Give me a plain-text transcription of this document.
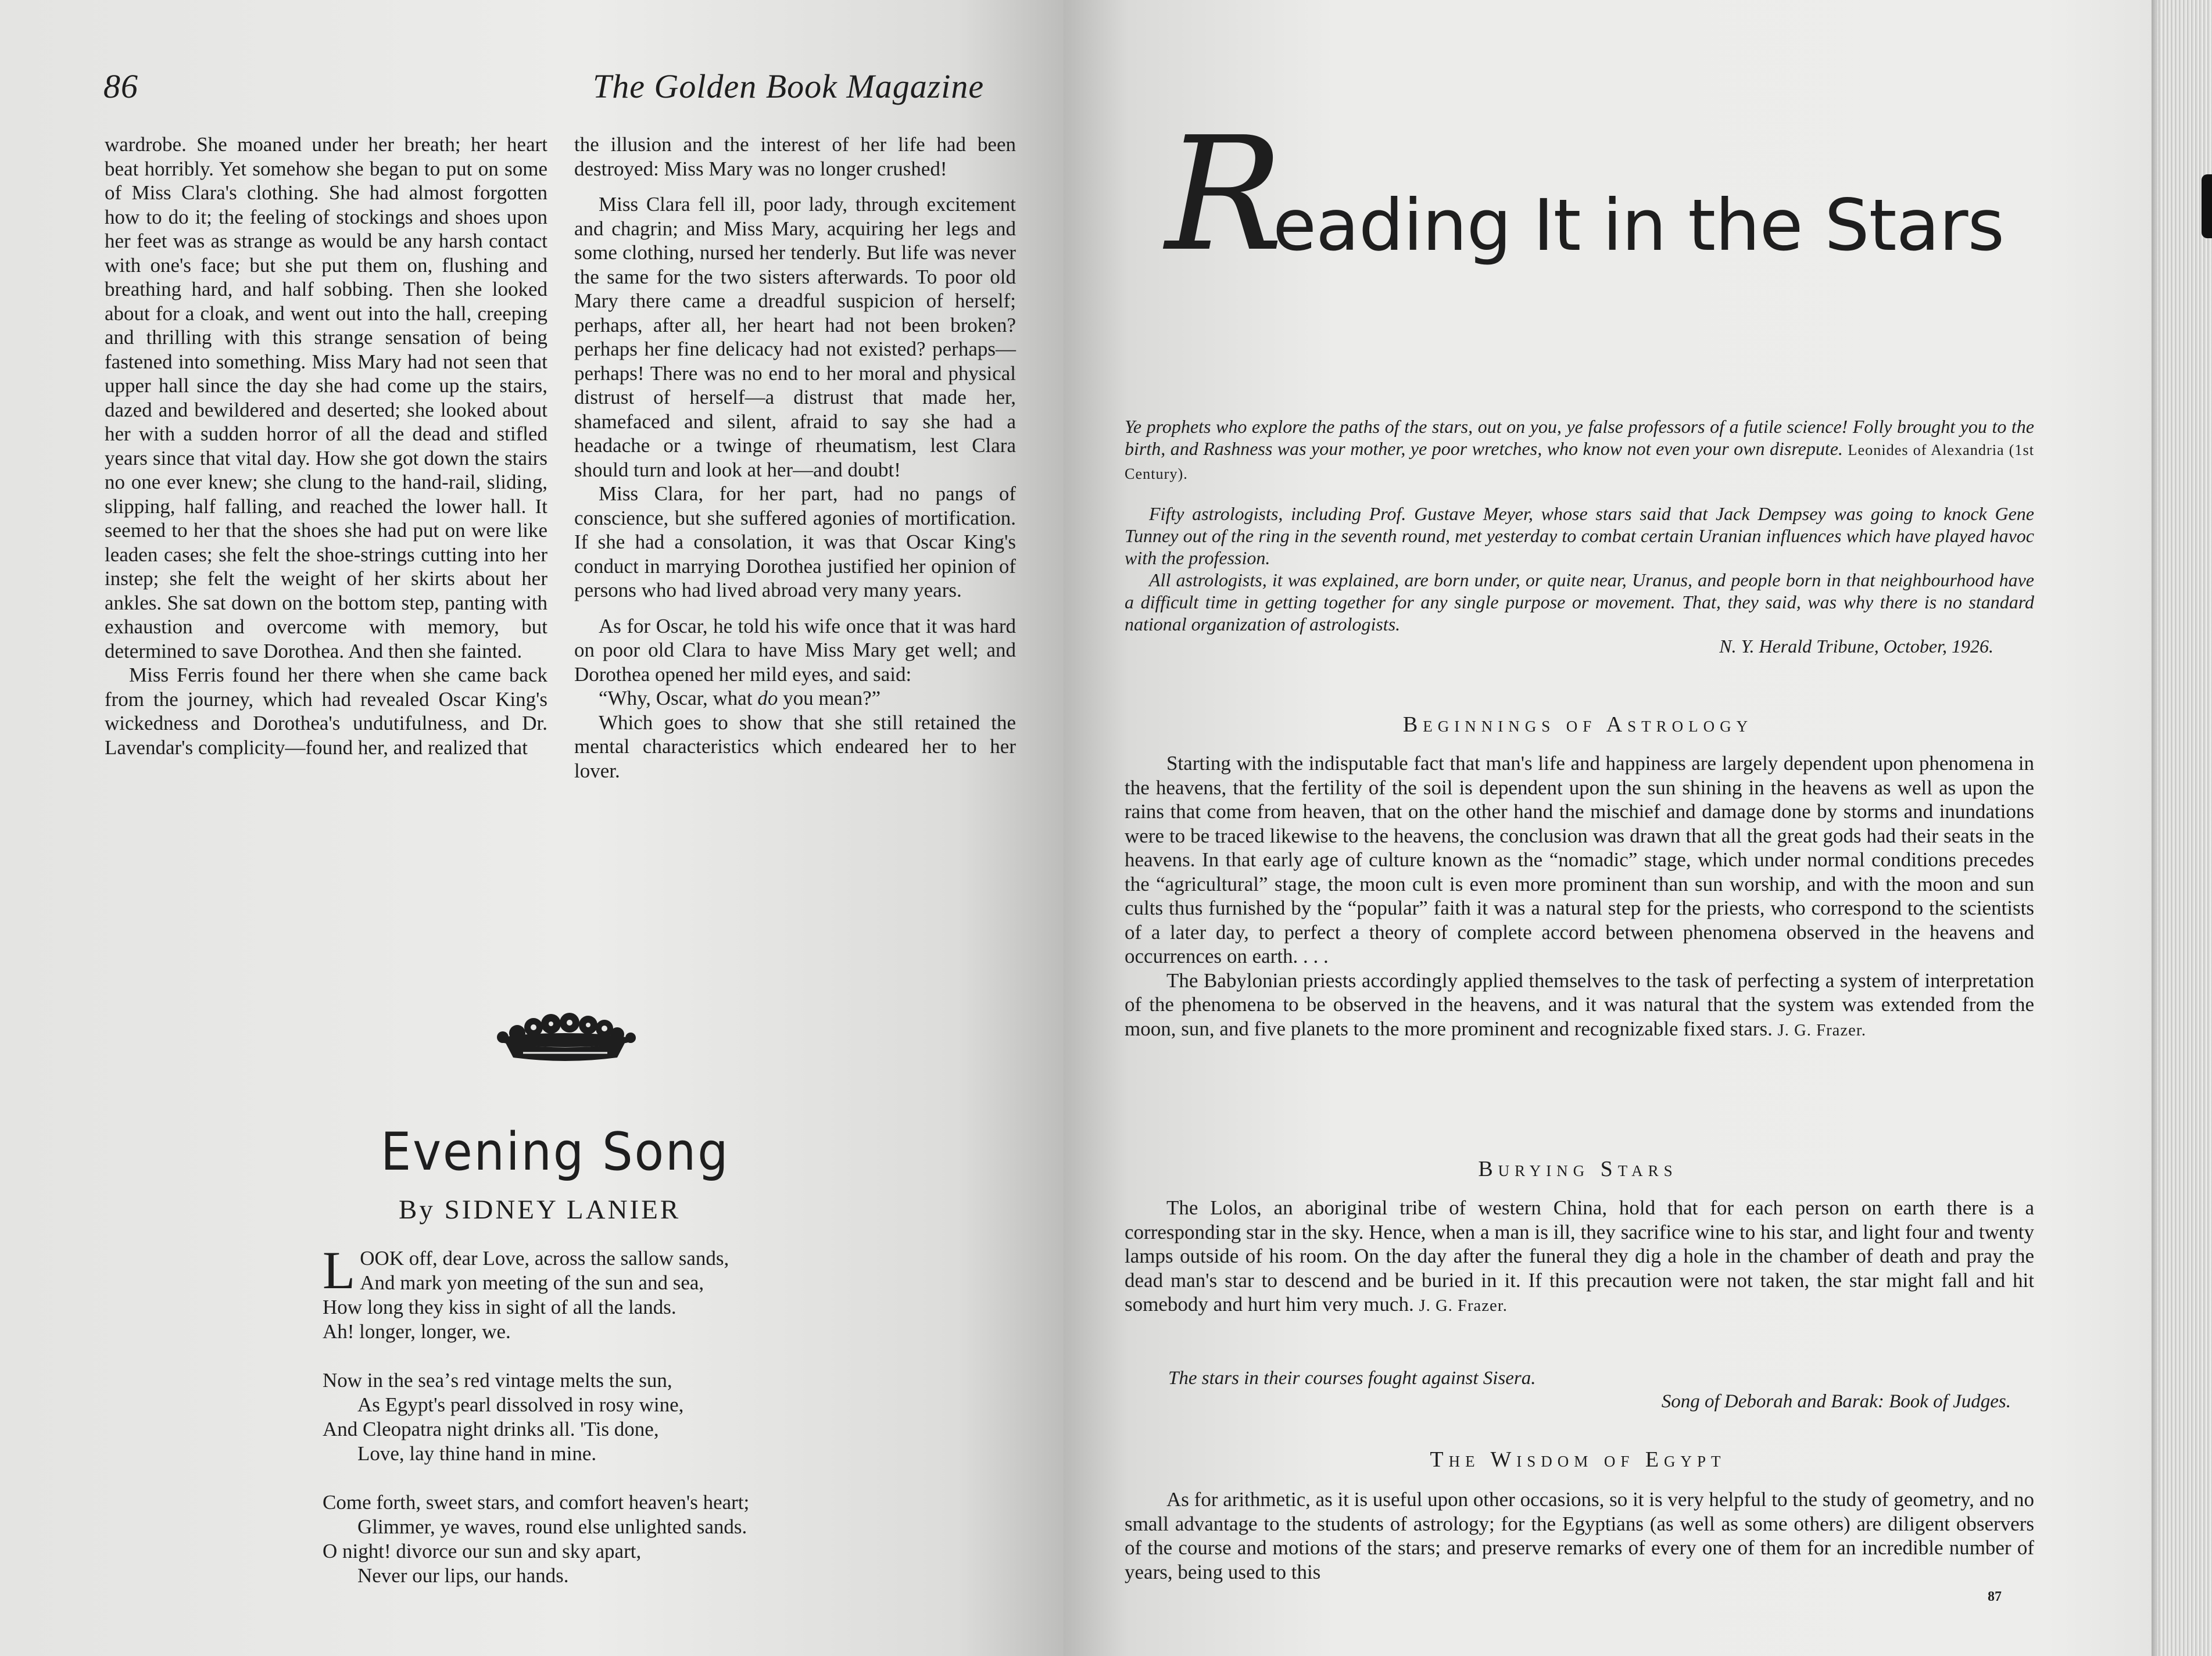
86	The Golden Book Magazine

wardrobe. She moaned under her breath; her heart beat horribly. Yet somehow she began to put on some of Miss Clara's clothing. She had almost forgotten how to do it; the feeling of stockings and shoes upon her feet was as strange as would be any harsh contact with one's face; but she put them on, flushing and breathing hard, and half sobbing. Then she looked about for a cloak, and went out into the hall, creeping and thrilling with this strange sensation of being fastened into something. Miss Mary had not seen that upper hall since the day she had come up the stairs, dazed and bewildered and deserted; she looked about her with a sudden horror of all the dead and stifled years since that vital day. How she got down the stairs no one ever knew; she clung to the hand-rail, sliding, slipping, half falling, and reached the lower hall. It seemed to her that the shoes she had put on were like leaden cases; she felt the shoe-strings cutting into her instep; she felt the weight of her skirts about her ankles. She sat down on the bottom step, panting with exhaustion and overcome with memory, but determined to save Dorothea. And then she fainted.

Miss Ferris found her there when she came back from the journey, which had revealed Oscar King's wickedness and Dorothea's undutifulness, and Dr. Lavendar's complicity—found her, and realized that

the illusion and the interest of her life had been destroyed: Miss Mary was no longer crushed!

Miss Clara fell ill, poor lady, through excitement and chagrin; and Miss Mary, acquiring her legs and some clothing, nursed her tenderly. But life was never the same for the two sisters afterwards. To poor old Mary there came a dreadful suspicion of herself; perhaps, after all, her heart had not been broken? perhaps her fine delicacy had not existed? perhaps—perhaps! There was no end to her moral and physical distrust of herself—a distrust that made her, shamefaced and silent, afraid to say she had a headache or a twinge of rheumatism, lest Clara should turn and look at her—and doubt!

Miss Clara, for her part, had no pangs of conscience, but she suffered agonies of mortification. If she had a consolation, it was that Oscar King's conduct in marrying Dorothea justified her opinion of persons who had lived abroad very many years.

As for Oscar, he told his wife once that it was hard on poor old Clara to have Miss Mary get well; and Dorothea opened her mild eyes, and said:

“Why, Oscar, what do you mean?”

Which goes to show that she still retained the mental characteristics which endeared her to her lover.

Evening Song
By SIDNEY LANIER
L OOK off, dear Love, across the sallow sands,
And mark yon meeting of the sun and sea,
How long they kiss in sight of all the lands.
Ah! longer, longer, we.
Now in the seaʼs red vintage melts the sun,
As Egypt's pearl dissolved in rosy wine,
And Cleopatra night drinks all. 'Tis done,
Love, lay thine hand in mine.
Come forth, sweet stars, and comfort heaven's heart;
Glimmer, ye waves, round else unlighted sands.
O night! divorce our sun and sky apart,
Never our lips, our hands.
R
eading It in the Stars
Ye prophets who explore the paths of the stars, out on you, ye false professors of a futile science! Folly brought you to the birth, and Rashness was your mother, ye poor wretches, who know not even your own disrepute. Leonides of Alexandria (1st Century).
Fifty astrologists, including Prof. Gustave Meyer, whose stars said that Jack Dempsey was going to knock Gene Tunney out of the ring in the seventh round, met yesterday to combat certain Uranian influences which have played havoc with the profession.
All astrologists, it was explained, are born under, or quite near, Uranus, and people born in that neighbourhood have a difficult time in getting together for any single purpose or movement. That, they said, was why there is no standard national organization of astrologists.
N. Y. Herald Tribune, October, 1926.
Beginnings of Astrology

Starting with the indisputable fact that man's life and happiness are largely dependent upon phenomena in the heavens, that the fertility of the soil is dependent upon the sun shining in the heavens as well as upon the rains that come from heaven, that on the other hand the mischief and damage done by storms and inundations were to be traced likewise to the heavens, the conclusion was drawn that all the great gods had their seats in the heavens. In that early age of culture known as the “nomadic” stage, which under normal conditions precedes the “agricultural” stage, the moon cult is even more prominent than sun worship, and with the moon and sun cults thus furnished by the “popular” faith it was a natural step for the priests, who correspond to the scientists of a later day, to perfect a theory of complete accord between phenomena observed in the heavens and occurrences on earth. . . .

The Babylonian priests accordingly applied themselves to the task of perfecting a system of interpretation of the phenomena to be observed in the heavens, and it was natural that the system was extended from the moon, sun, and five planets to the more prominent and recognizable fixed stars. J. G. Frazer.

Burying Stars

The Lolos, an aboriginal tribe of western China, hold that for each person on earth there is a corresponding star in the sky. Hence, when a man is ill, they sacrifice wine to his star, and light four and twenty lamps outside of his room. On the day after the funeral they dig a hole in the chamber of death and pray the dead man's star to descend and be buried in it. If this precaution were not taken, the star might fall and hit somebody and hurt him very much. J. G. Frazer.

The stars in their courses fought against Sisera.
Song of Deborah and Barak: Book of Judges.
The Wisdom of Egypt

As for arithmetic, as it is useful upon other occasions, so it is very helpful to the study of geometry, and no small advantage to the students of astrology; for the Egyptians (as well as some others) are diligent observers of the course and motions of the stars; and preserve remarks of every one of them for an incredible number of years, being used to this

87
